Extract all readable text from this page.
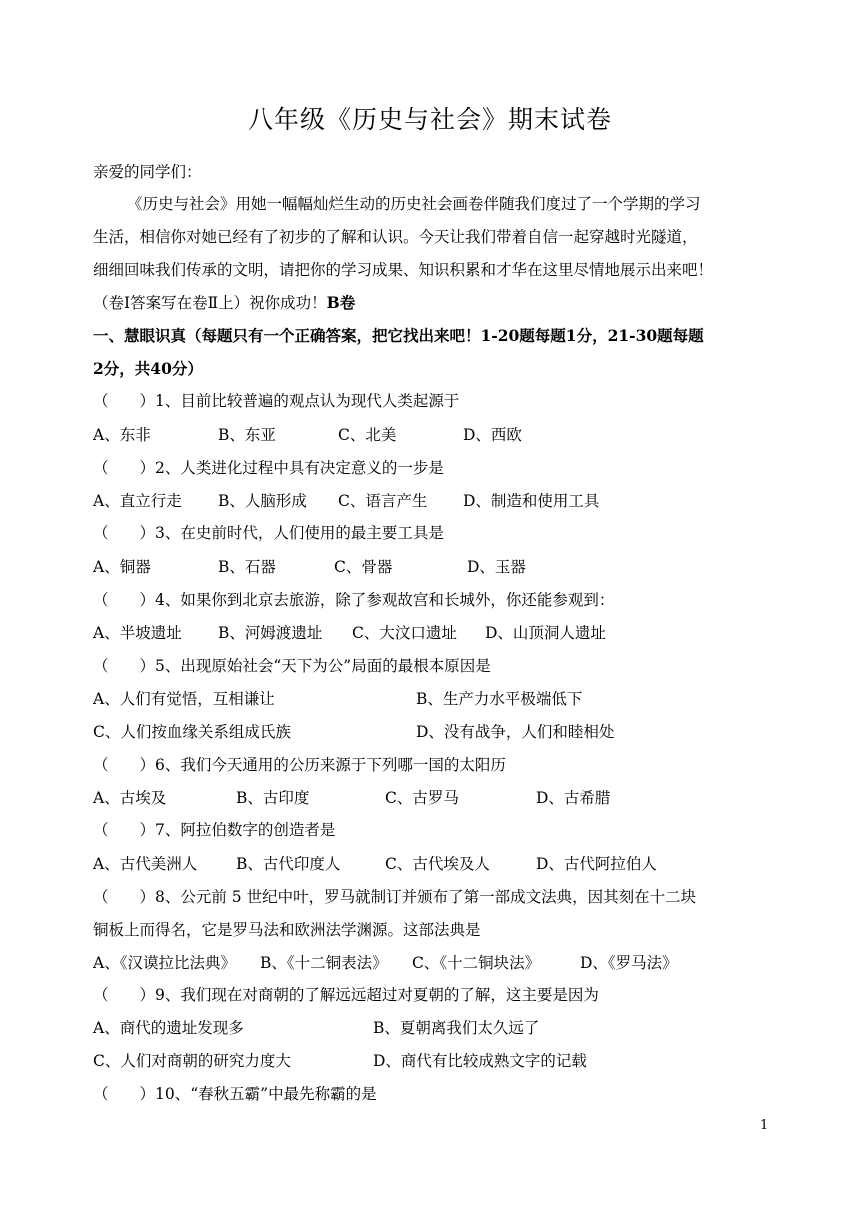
八年级《历史与社会》期末试卷
亲爱的同学们：
《历史与社会》用她一幅幅灿烂生动的历史社会画卷伴随我们度过了一个学期的学习
生活，相信你对她已经有了初步的了解和认识。今天让我们带着自信一起穿越时光隧道，
细细回味我们传承的文明，请把你的学习成果、知识积累和才华在这里尽情地展示出来吧！
（卷Ⅰ答案写在卷Ⅱ上）祝你成功！B卷
一、慧眼识真（每题只有一个正确答案，把它找出来吧！1-20题每题1分，21-30题每题
2分，共40分）
（　　）1、目前比较普遍的观点认为现代人类起源于
A、东非	B、东亚	C、北美	D、西欧
（　　）2、人类进化过程中具有决定意义的一步是
A、直立行走 B、人脑形成 C、语言产生 D、制造和使用工具
（　　）3、在史前时代，人们使用的最主要工具是
A、铜器	B、石器	C、骨器	D、玉器
（　　）4、如果你到北京去旅游，除了参观故宫和长城外，你还能参观到：
A、半坡遗址 B、河姆渡遗址 C、大汶口遗址 D、山顶洞人遗址
（　　）5、出现原始社会“天下为公”局面的最根本原因是
A、人们有觉悟，互相谦让	B、生产力水平极端低下
C、人们按血缘关系组成氏族	D、没有战争，人们和睦相处
（　　）6、我们今天通用的公历来源于下列哪一国的太阳历
A、古埃及	B、古印度	C、古罗马	D、古希腊
（　　）7、阿拉伯数字的创造者是
A、古代美洲人	B、古代印度人	C、古代埃及人	D、古代阿拉伯人
（　　）8、公元前 5 世纪中叶，罗马就制订并颁布了第一部成文法典，因其刻在十二块
铜板上而得名，它是罗马法和欧洲法学渊源。这部法典是
A、《汉谟拉比法典》 B、《十二铜表法》 C、《十二铜块法》	D、《罗马法》
（　　）9、我们现在对商朝的了解远远超过对夏朝的了解，这主要是因为
A、商代的遗址发现多	B、夏朝离我们太久远了
C、人们对商朝的研究力度大	D、商代有比较成熟文字的记载
（　　）10、“春秋五霸”中最先称霸的是
1
